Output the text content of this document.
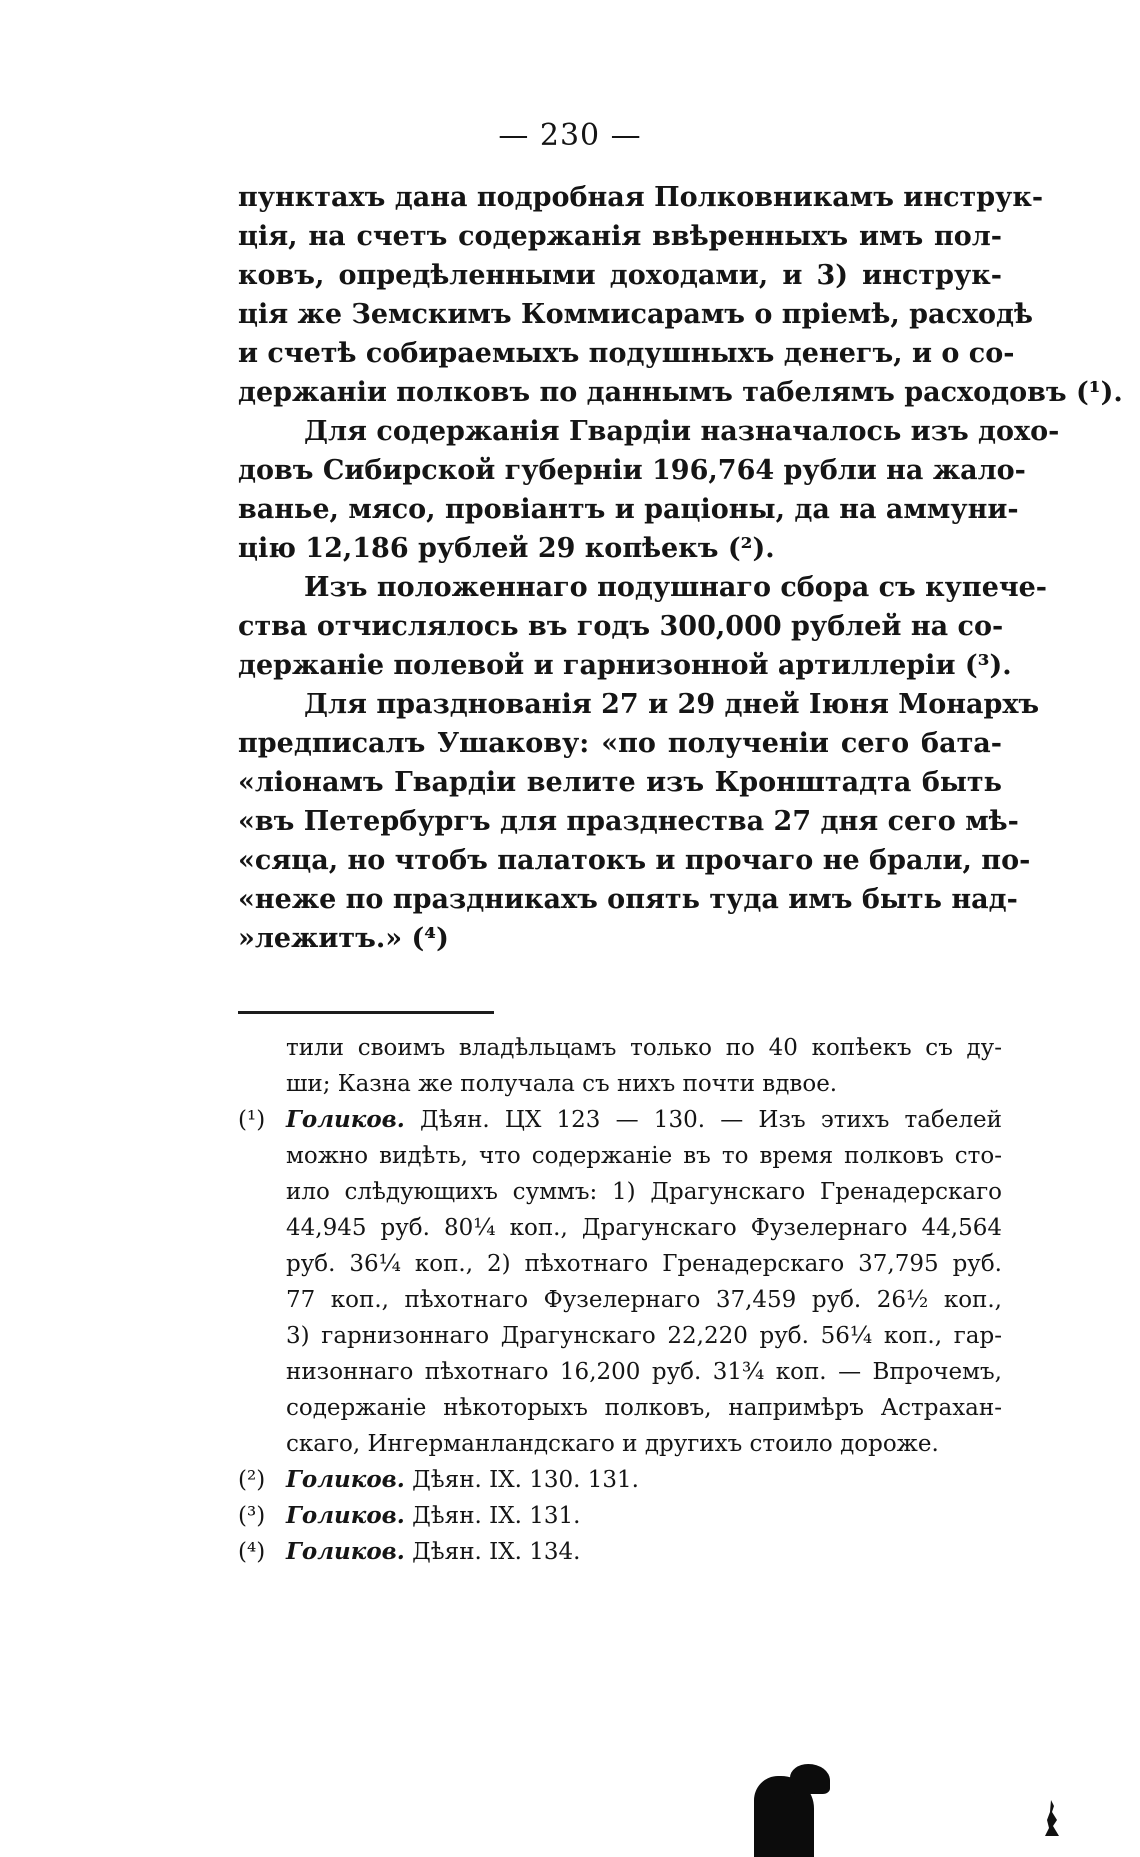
— 230 —
пунктахъ дана подробная Полковникамъ инструк-
ція, на счетъ содержанія ввѣренныхъ имъ пол-
ковъ, опредѣленными доходами, и 3) инструк-
ція же Земскимъ Коммисарамъ о пріемѣ, расходѣ
и счетѣ собираемыхъ подушныхъ денегъ, и о со-
держаніи полковъ по даннымъ табелямъ расходовъ (¹).
Для содержанія Гвардіи назначалось изъ дохо-
довъ Сибирской губерніи 196,764 рубли на жало-
ванье, мясо, провіантъ и раціоны, да на аммуни-
цію 12,186 рублей 29 копѣекъ (²).
Изъ положеннаго подушнаго сбора съ купече-
ства отчислялось въ годъ 300,000 рублей на со-
держаніе полевой и гарнизонной артиллеріи (³).
Для празднованія 27 и 29 дней Іюня Монархъ
предписалъ Ушакову: «по полученіи сего бата-
«ліонамъ Гвардіи велите изъ Кронштадта быть
«въ Петербургъ для празднества 27 дня сего мѣ-
«сяца, но чтобъ палатокъ и прочаго не брали, по-
«неже по праздникахъ опять туда имъ быть над-
»лежитъ.» (⁴)
тили своимъ владѣльцамъ только по 40 копѣекъ съ ду-
ши; Казна же получала съ нихъ почти вдвое.
(¹) Голиков. Дѣян. ЦХ 123 — 130. — Изъ этихъ табелей
можно видѣть, что содержаніе въ то время полковъ сто-
ило слѣдующихъ суммъ: 1) Драгунскаго Гренадерскаго
44,945 руб. 80¼ коп., Драгунскаго Фузелернаго 44,564
руб. 36¼ коп., 2) пѣхотнаго Гренадерскаго 37,795 руб.
77 коп., пѣхотнаго Фузелернаго 37,459 руб. 26½ коп.,
3) гарнизоннаго Драгунскаго 22,220 руб. 56¼ коп., гар-
низоннаго пѣхотнаго 16,200 руб. 31¾ коп. — Впрочемъ,
содержаніе нѣкоторыхъ полковъ, напримѣръ Астрахан-
скаго, Ингерманландскаго и другихъ стоило дороже.
(²) Голиков. Дѣян. IX. 130. 131.
(³) Голиков. Дѣян. IX. 131.
(⁴) Голиков. Дѣян. IX. 134.
